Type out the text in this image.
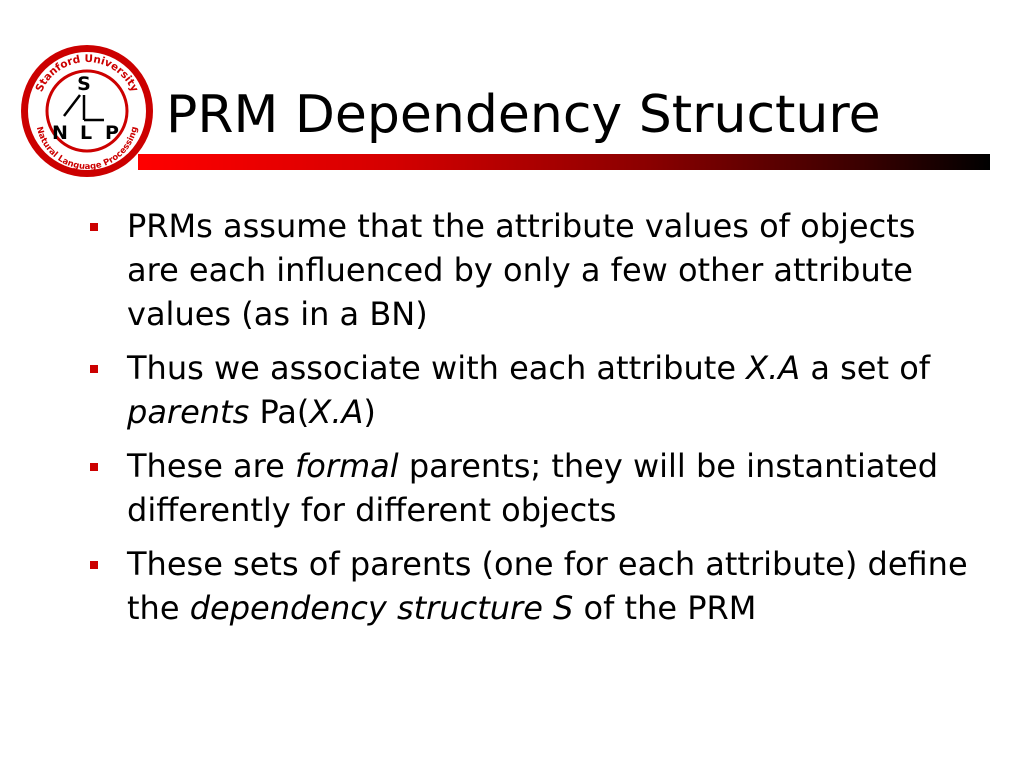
Stanford University
Natural Language Processing
S
N L P PRM Dependency Structure
PRMs assume that the attribute values of objects are each influenced by only a few other attribute values (as in a BN)
Thus we associate with each attribute X.A a set of parents Pa(X.A)
These are formal parents; they will be instantiated differently for different objects
These sets of parents (one for each attribute) define the dependency structure S of the PRM
